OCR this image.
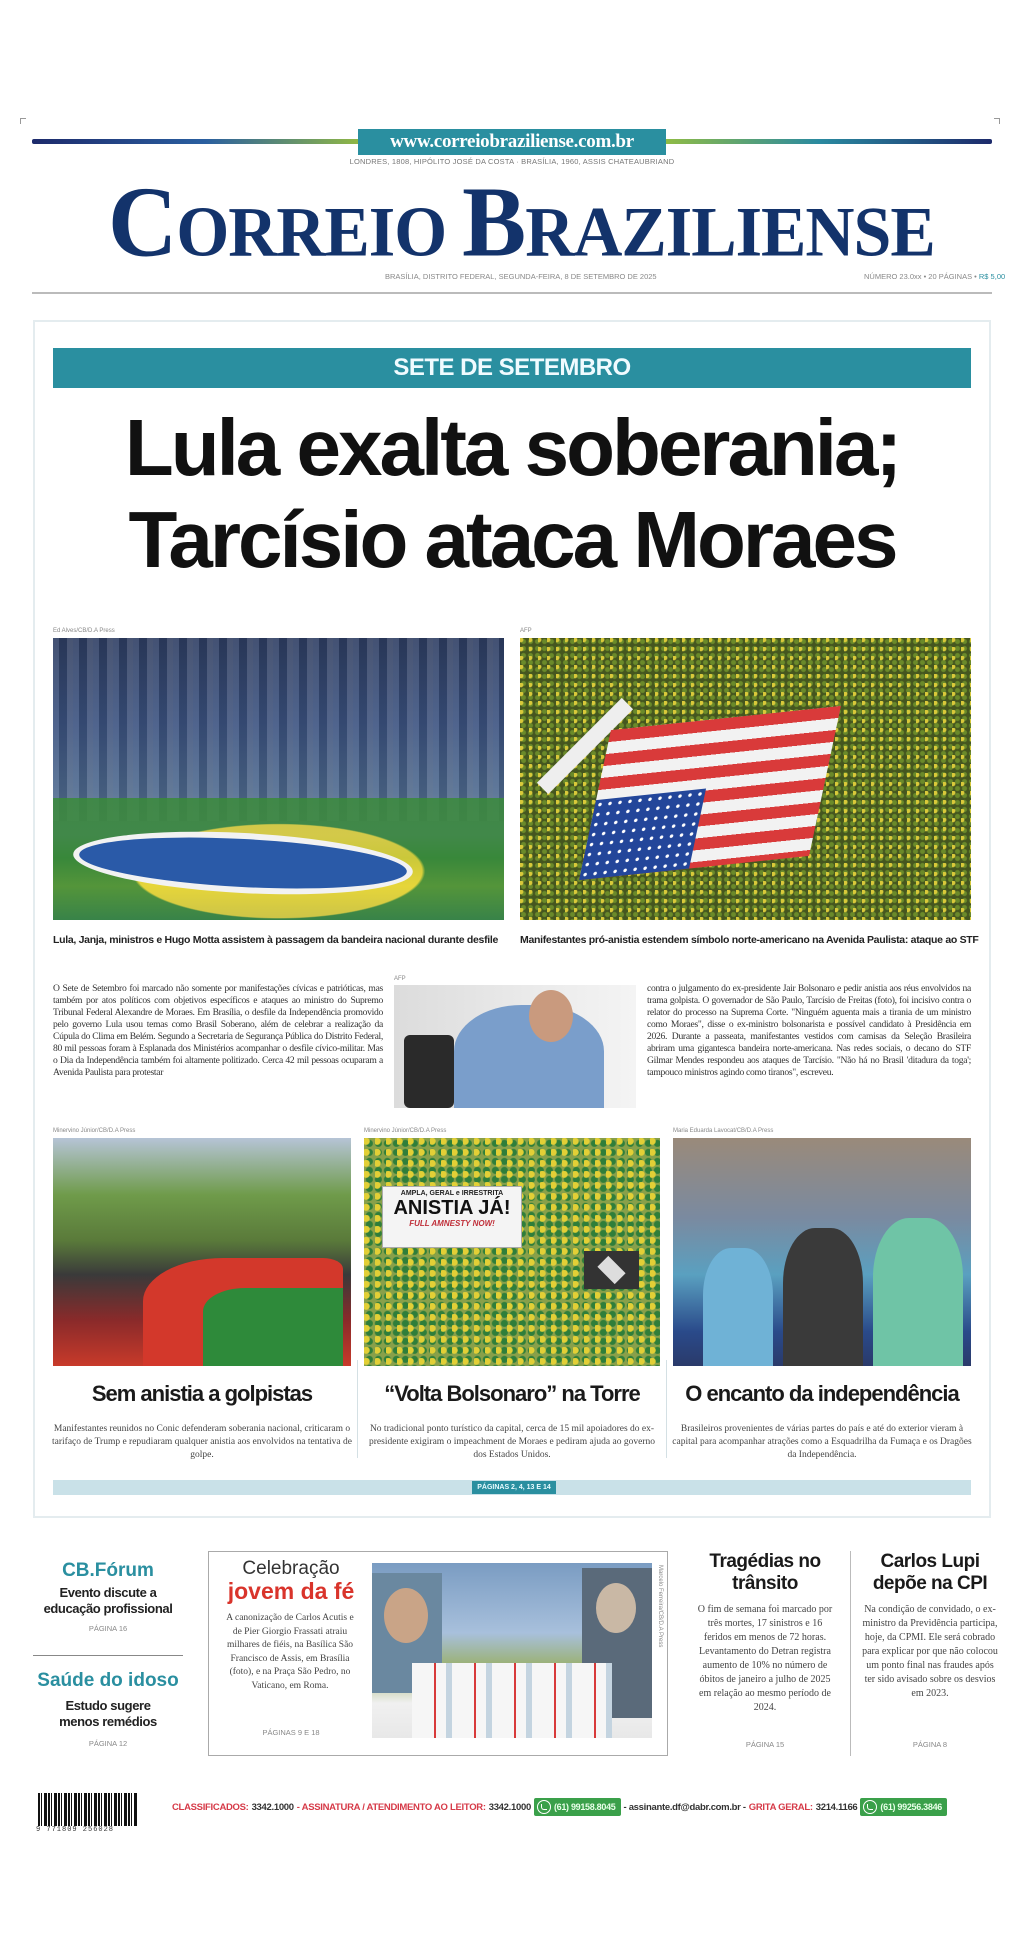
www.correiobraziliense.com.br
LONDRES, 1808, HIPÓLITO JOSÉ DA COSTA · BRASÍLIA, 1960, ASSIS CHATEAUBRIAND
CORREIO BRAZILIENSE
BRASÍLIA, DISTRITO FEDERAL, SEGUNDA-FEIRA, 8 DE SETEMBRO DE 2025	NÚMERO 23.0xx • 20 PÁGINAS • R$ 5,00
SETE DE SETEMBRO
Lula exalta soberania;
Tarcísio ataca Moraes
Ed Alves/CB/D.A Press
Lula, Janja, ministros e Hugo Motta assistem à passagem da bandeira nacional durante desfile
AFP
Manifestantes pró-anistia estendem símbolo norte-americano na Avenida Paulista: ataque ao STF
O Sete de Setembro foi marcado não somente por manifestações cívicas e patrióticas, mas também por atos políticos com objetivos específicos e ataques ao ministro do Supremo Tribunal Federal Alexandre de Moraes. Em Brasília, o desfile da Independência promovido pelo governo Lula usou temas como Brasil Soberano, além de celebrar a realização da Cúpula do Clima em Belém. Segundo a Secretaria de Segurança Pública do Distrito Federal, 80 mil pessoas foram à Esplanada dos Ministérios acompanhar o desfile cívico-militar. Mas o Dia da Independência também foi altamente politizado. Cerca 42 mil pessoas ocuparam a Avenida Paulista para protestar
AFP
contra o julgamento do ex-presidente Jair Bolsonaro e pedir anistia aos réus envolvidos na trama golpista. O governador de São Paulo, Tarcísio de Freitas (foto), foi incisivo contra o relator do processo na Suprema Corte. "Ninguém aguenta mais a tirania de um ministro como Moraes", disse o ex-ministro bolsonarista e possível candidato à Presidência em 2026. Durante a passeata, manifestantes vestidos com camisas da Seleção Brasileira abriram uma gigantesca bandeira norte-americana. Nas redes sociais, o decano do STF Gilmar Mendes respondeu aos ataques de Tarcísio. "Não há no Brasil 'ditadura da toga'; tampouco ministros agindo como tiranos", escreveu.
Minervino Júnior/CB/D.A Press	Minervino Júnior/CB/D.A Press
AMPLA, GERAL e IRRESTRITA
ANISTIA JÁ!
FULL AMNESTY NOW!
Maria Eduarda Lavocat/CB/D.A Press
Sem anistia a golpistas
Manifestantes reunidos no Conic defenderam soberania nacional, criticaram o tarifaço de Trump e repudiaram qualquer anistia aos envolvidos na tentativa de golpe.
“Volta Bolsonaro” na Torre
No tradicional ponto turístico da capital, cerca de 15 mil apoiadores do ex-presidente exigiram o impeachment de Moraes e pediram ajuda ao governo dos Estados Unidos.
O encanto da independência
Brasileiros provenientes de várias partes do país e até do exterior vieram à capital para acompanhar atrações como a Esquadrilha da Fumaça e os Dragões da Independência.
PÁGINAS 2, 4, 13 E 14
CB.Fórum
Evento discute a educação profissional
PÁGINA 16
Saúde do idoso
Estudo sugere menos remédios
PÁGINA 12
Celebração
jovem da fé
A canonização de Carlos Acutis e de Pier Giorgio Frassati atraiu milhares de fiéis, na Basílica São Francisco de Assis, em Brasília (foto), e na Praça São Pedro, no Vaticano, em Roma.
PÁGINAS 9 E 18
Marcelo Ferreira/CB/D.A Press
Tragédias no trânsito
O fim de semana foi marcado por três mortes, 17 sinistros e 16 feridos em menos de 72 horas. Levantamento do Detran registra aumento de 10% no número de óbitos de janeiro a julho de 2025 em relação ao mesmo período de 2024.
PÁGINA 15
Carlos Lupi depõe na CPI
Na condição de convidado, o ex-ministro da Previdência participa, hoje, da CPMI. Ele será cobrado para explicar por que não colocou um ponto final nas fraudes após ter sido avisado sobre os desvios em 2023.
PÁGINA 8
9 771809 256028
CLASSIFICADOS: 3342.1000 - ASSINATURA / ATENDIMENTO AO LEITOR: 3342.1000	(61) 99158.8045 - assinante.df@dabr.com.br - GRITA GERAL: 3214.1166	(61) 99256.3846
